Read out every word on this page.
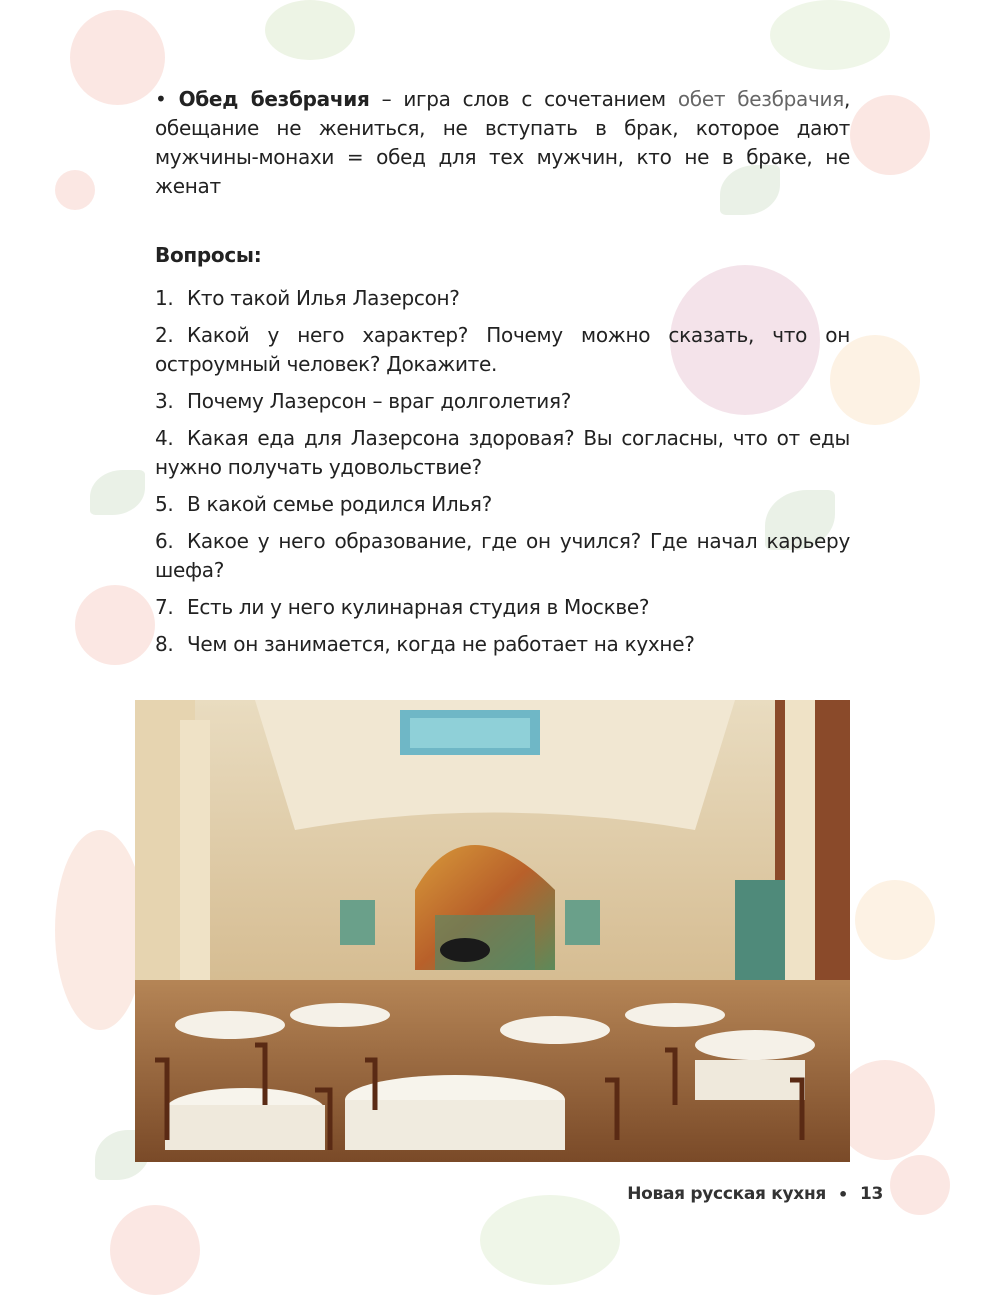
• Обед безбрачия – игра слов с сочетанием обет безбрачия, обещание не жениться, не вступать в брак, которое дают мужчины-монахи = обед для тех мужчин, кто не в браке, не женат

Вопросы:
1. Кто такой Илья Лазерсон?
2. Какой у него характер? Почему можно сказать, что он остроумный человек? Докажите.
3. Почему Лазерсон – враг долголетия?
4. Какая еда для Лазерсона здоровая? Вы согласны, что от еды нужно получать удовольствие?
5. В какой семье родился Илья?
6. Какое у него образование, где он учился? Где начал карьеру шефа?
7. Есть ли у него кулинарная студия в Москве?
8. Чем он занимается, когда не работает на кухне?
Новая русская кухня • 13
